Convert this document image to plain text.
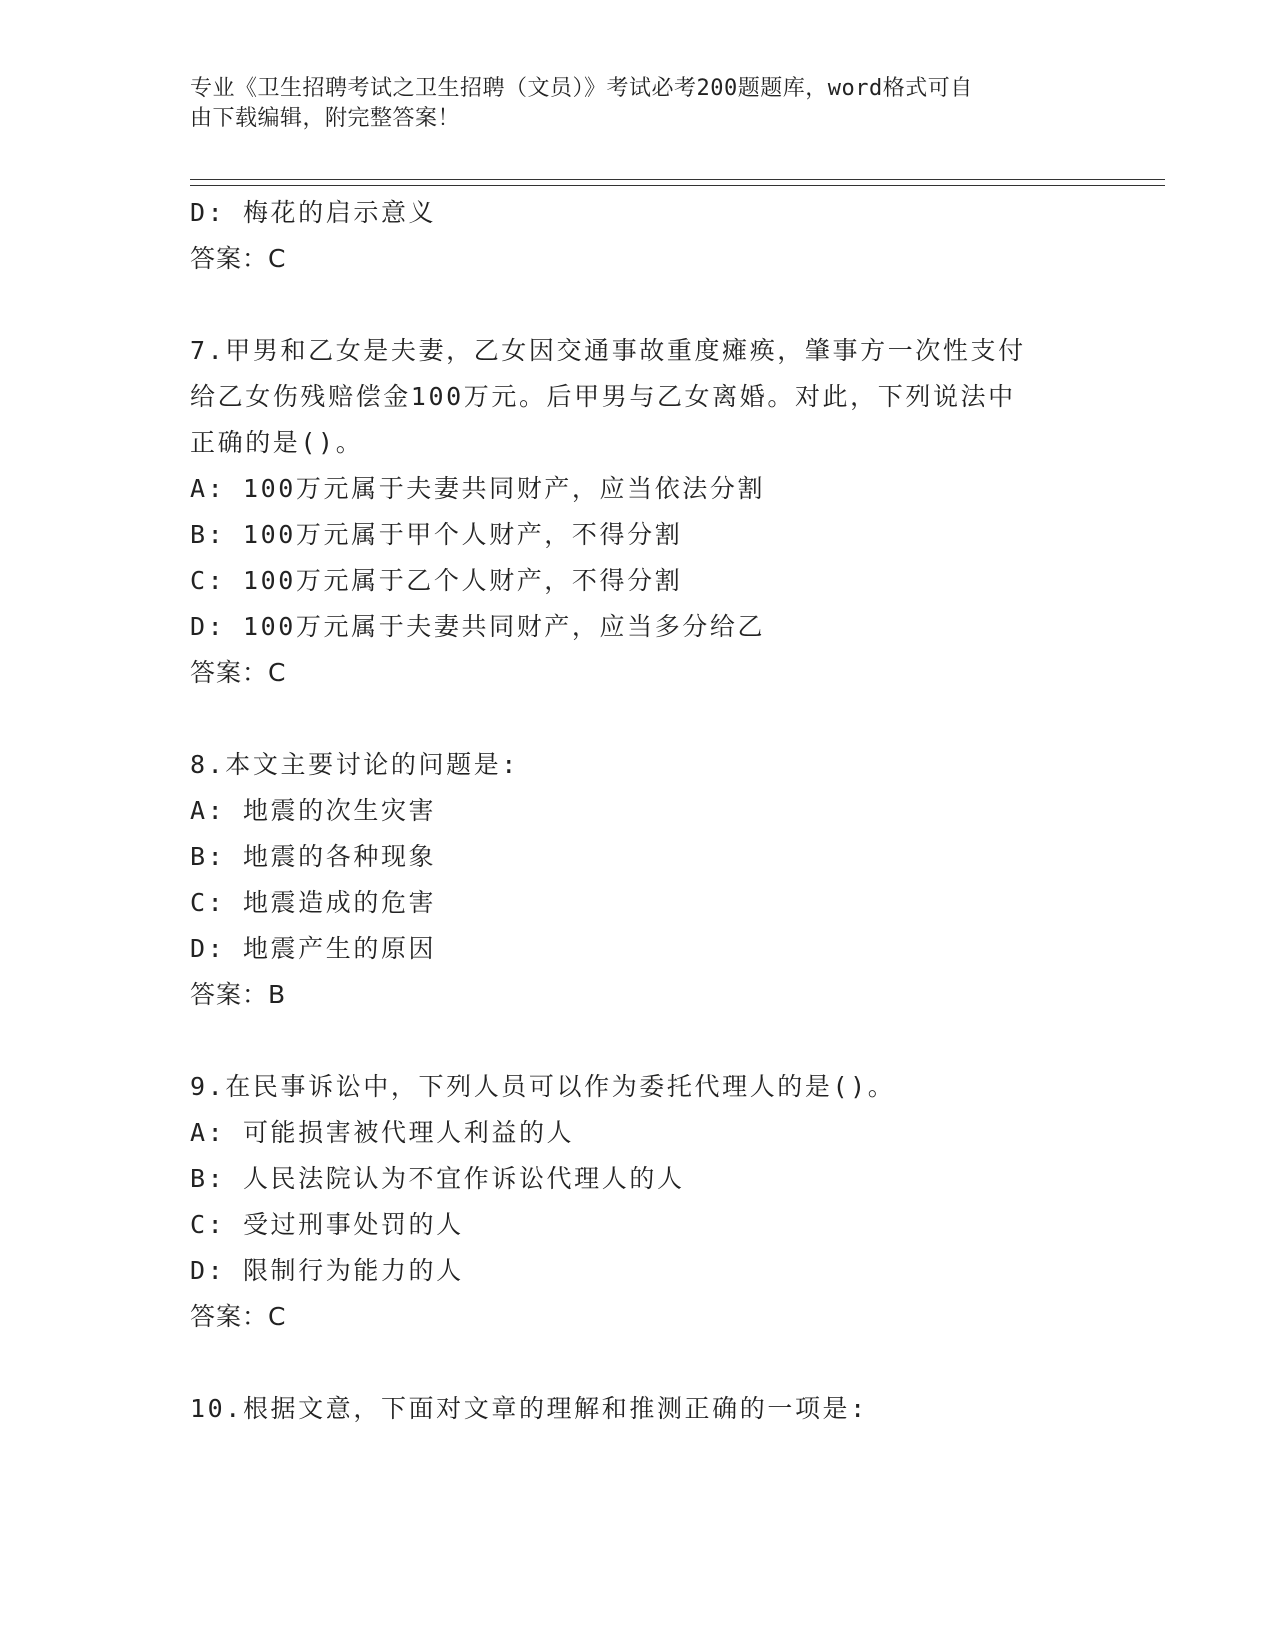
专业《卫生招聘考试之卫生招聘（文员）》考试必考200题题库，word格式可自
由下载编辑，附完整答案！
D: 梅花的启示意义
答案：C
7.甲男和乙女是夫妻，乙女因交通事故重度瘫痪，肇事方一次性支付
给乙女伤残赔偿金100万元。后甲男与乙女离婚。对此，下列说法中
正确的是()。
A: 100万元属于夫妻共同财产，应当依法分割
B: 100万元属于甲个人财产，不得分割
C: 100万元属于乙个人财产，不得分割
D: 100万元属于夫妻共同财产，应当多分给乙
答案：C
8.本文主要讨论的问题是:
A: 地震的次生灾害
B: 地震的各种现象
C: 地震造成的危害
D: 地震产生的原因
答案：B
9.在民事诉讼中，下列人员可以作为委托代理人的是()。
A: 可能损害被代理人利益的人
B: 人民法院认为不宜作诉讼代理人的人
C: 受过刑事处罚的人
D: 限制行为能力的人
答案：C
10.根据文意，下面对文章的理解和推测正确的一项是:
